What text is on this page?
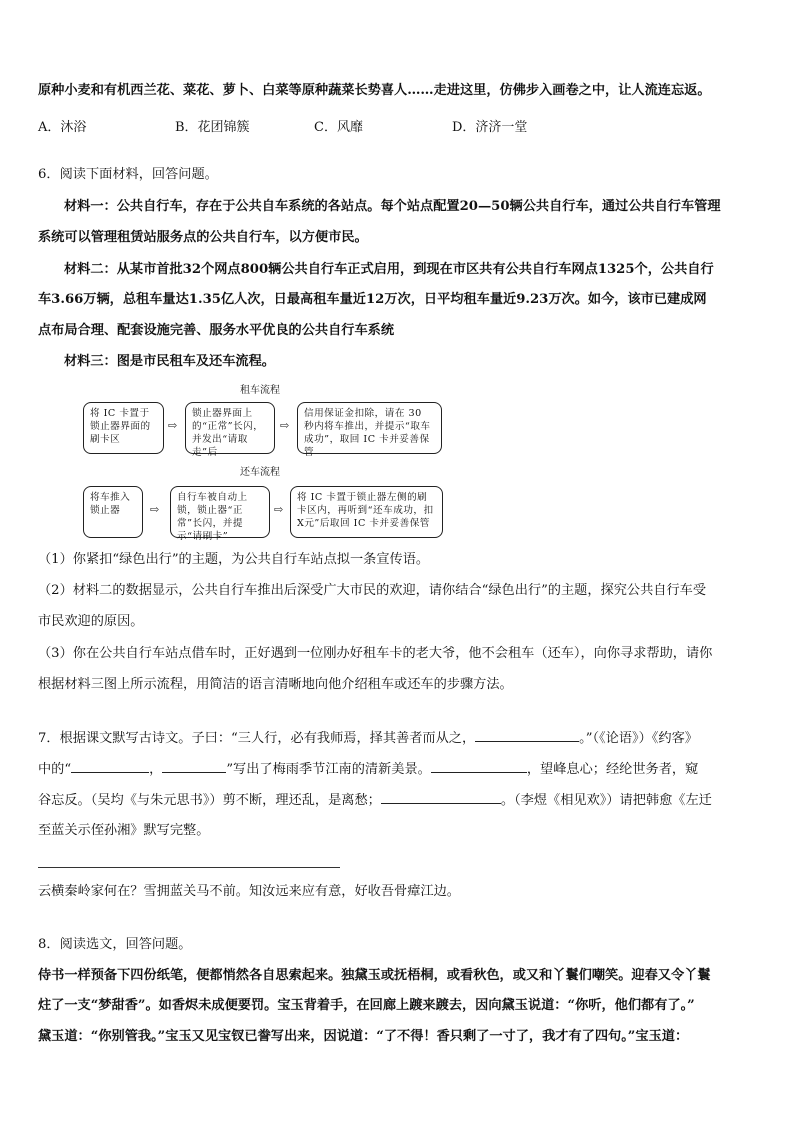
原种小麦和有机西兰花、菜花、萝卜、白菜等原种蔬菜长势喜人……走进这里，仿佛步入画卷之中，让人流连忘返。
A．沐浴	B．花团锦簇	C．风靡	D．济济一堂
6．阅读下面材料，回答问题。
材料一：公共自行车，存在于公共自车系统的各站点。每个站点配置20—50辆公共自行车，通过公共自行车管理
系统可以管理租赁站服务点的公共自行车，以方便市民。
材料二：从某市首批32个网点800辆公共自行车正式启用，到现在市区共有公共自行车网点1325个，公共自行
车3.66万辆，总租车量达1.35亿人次，日最高租车量近12万次，日平均租车量近9.23万次。如今，该市已建成网
点布局合理、配套设施完善、服务水平优良的公共自行车系统
材料三：图是市民租车及还车流程。
租车流程
将 IC 卡置于锁止器界面的刷卡区
⇨
锁止器界面上的“正常”长闪，并发出“请取走”后
⇨
信用保证金扣除，请在 30 秒内将车推出，并提示“取车成功”，取回 IC 卡并妥善保管
还车流程
将车推入锁止器	⇨
自行车被自动上锁，锁止器“正常”长闪，并提示“请刷卡”
⇨
将 IC 卡置于锁止器左侧的刷卡区内，再听到“还车成功，扣 X元”后取回 IC 卡并妥善保管
（1）你紧扣“绿色出行”的主题，为公共自行车站点拟一条宣传语。
（2）材料二的数据显示，公共自行车推出后深受广大市民的欢迎，请你结合“绿色出行”的主题，探究公共自行车受
市民欢迎的原因。
（3）你在公共自行车站点借车时，正好遇到一位刚办好租车卡的老大爷，他不会租车（还车），向你寻求帮助，请你
根据材料三图上所示流程，用简洁的语言清晰地向他介绍租车或还车的步骤方法。
7．根据课文默写古诗文。子曰：“三人行，必有我师焉，择其善者而从之，	。”（《论语》）《约客》
中的“	，	”写出了梅雨季节江南的清新美景。	，望峰息心；经纶世务者，窥
谷忘反。（吴均《与朱元思书》）剪不断，理还乱，是离愁；	。（李煜《相见欢》）请把韩愈《左迁
至蓝关示侄孙湘》默写完整。
云横秦岭家何在？雪拥蓝关马不前。知汝远来应有意，好收吾骨瘴江边。
8．阅读选文，回答问题。
侍书一样预备下四份纸笔，便都悄然各自思索起来。独黛玉或抚梧桐，或看秋色，或又和丫鬟们嘲笑。迎春又令丫鬟
炷了一支“梦甜香”。如香烬未成便要罚。宝玉背着手，在回廊上踱来踱去，因向黛玉说道：“你听，他们都有了。”
黛玉道：“你别管我。”宝玉又见宝钗已誊写出来，因说道：“了不得！香只剩了一寸了，我才有了四句。”宝玉道：
